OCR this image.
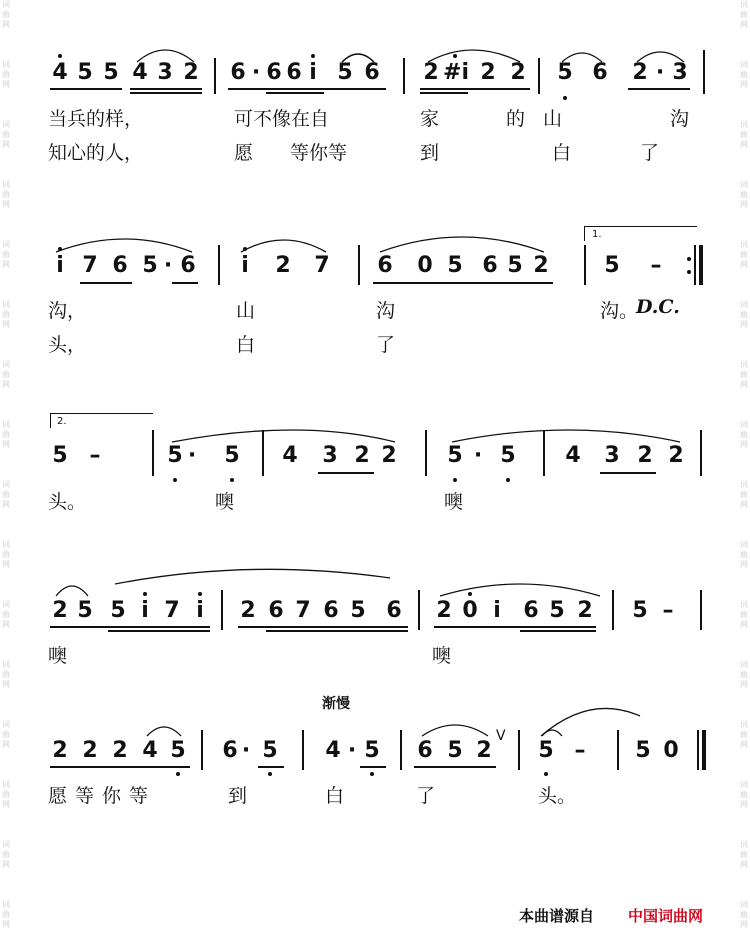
词
曲
网
词
曲
网
词
曲
网
词
曲
网
词
曲
网
词
曲
网
词
曲
网
词
曲
网
词
曲
网
词
曲
网
词
曲
网
词
曲
网
词
曲
网
词
曲
网
词
曲
网
词
曲
网
词
曲
网
词
曲
网
词
曲
网
词
曲
网
词
曲
网
词
曲
网
词
曲
网
词
曲
网
词
曲
网
词
曲
网
词
曲
网
词
曲
网
词
曲
网
词
曲
网
词
曲
网
词
曲
网
4 5 5 4 3 2 6 · 6 6 i 5 6 2 #i 2 2 5 6 2 · 3
当兵的样，	可不像在自	家	的山	沟
知心的人，	愿 等你等	到	白	了
1.
i 7 6 5 · 6 i 2 7 6 0 5 6 5 2	5 –
沟，	山	沟	沟。
D.C.
头，	白	了
2.
5 –	5 · 5 4 3 2 2 5 · 5 4 3 2 2
头。	噢	噢
2 5 5 i 7 i 2 6 7 6 5 6 2 0 i 6 5 2 5 –
噢	噢
渐慢
2 2 2 4 5 6 · 5 4 · 5 6 5 2 5 – 5 0
V
愿等你等	到	白	了	头。
本曲谱源自 中国词曲网
